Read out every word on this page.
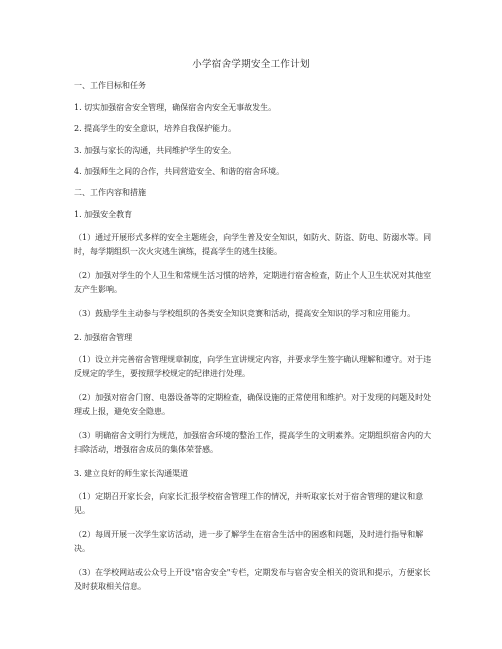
小学宿舍学期安全工作计划
一、工作目标和任务
1. 切实加强宿舍安全管理，确保宿舍内安全无事故发生。
2. 提高学生的安全意识，培养自我保护能力。
3. 加强与家长的沟通，共同维护学生的安全。
4. 加强师生之间的合作，共同营造安全、和谐的宿舍环境。
二、工作内容和措施
1. 加强安全教育
（1）通过开展形式多样的安全主题班会，向学生普及安全知识，如防火、防盗、防电、防溺水等。同时，每学期组织一次火灾逃生演练，提高学生的逃生技能。
（2）加强对学生的个人卫生和常规生活习惯的培养，定期进行宿舍检查，防止个人卫生状况对其他室友产生影响。
（3）鼓励学生主动参与学校组织的各类安全知识竞赛和活动，提高安全知识的学习和应用能力。
2. 加强宿舍管理
（1）设立并完善宿舍管理规章制度，向学生宣讲规定内容，并要求学生签字确认理解和遵守。对于违反规定的学生，要按照学校规定的纪律进行处理。
（2）加强对宿舍门窗、电器设备等的定期检查，确保设施的正常使用和维护。对于发现的问题及时处理或上报，避免安全隐患。
（3）明确宿舍文明行为规范，加强宿舍环境的整治工作，提高学生的文明素养。定期组织宿舍内的大扫除活动，增强宿舍成员的集体荣誉感。
3. 建立良好的师生家长沟通渠道
（1）定期召开家长会，向家长汇报学校宿舍管理工作的情况，并听取家长对于宿舍管理的建议和意见。
（2）每周开展一次学生家访活动，进一步了解学生在宿舍生活中的困惑和问题，及时进行指导和解决。
（3）在学校网站或公众号上开设"宿舍安全"专栏，定期发布与宿舍安全相关的资讯和提示，方便家长及时获取相关信息。
